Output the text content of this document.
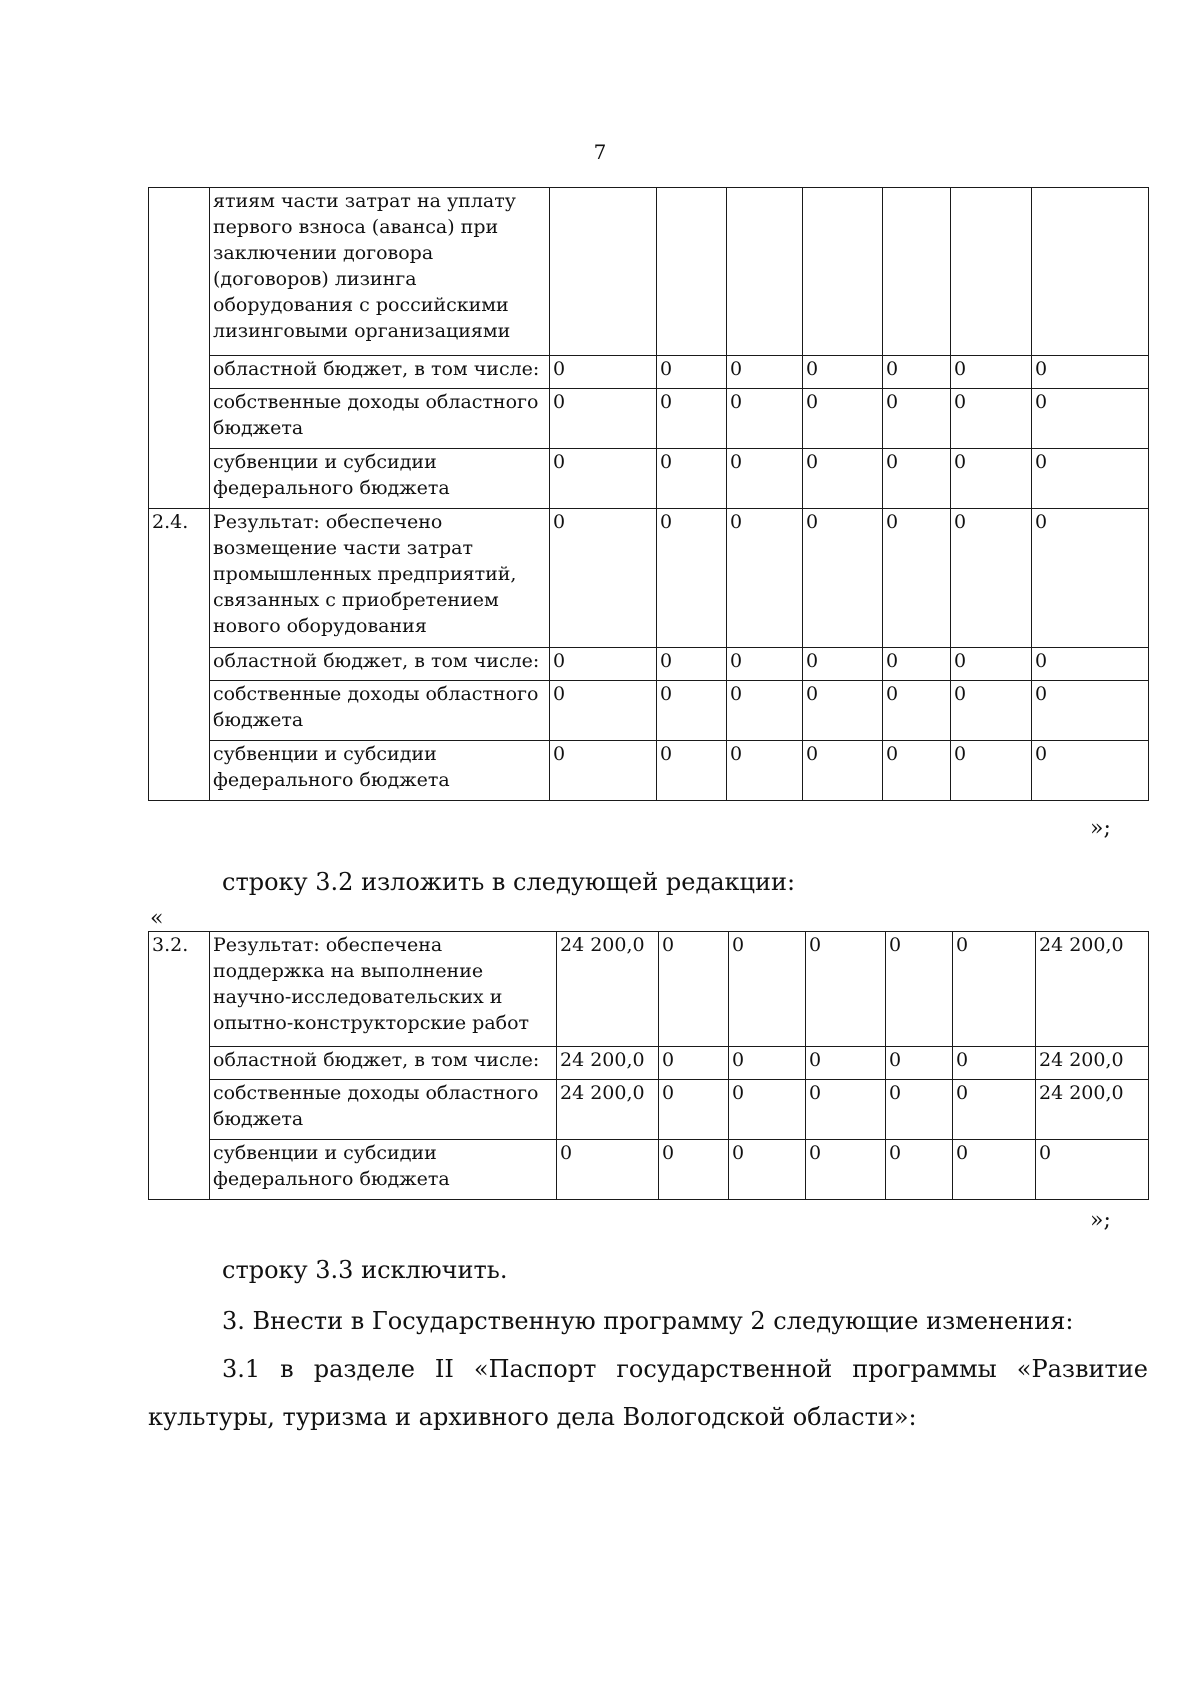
7
	ятиям части затрат на уплату первого взноса (аванса) при заключении договора (договоров) лизинга оборудования с российскими лизинговыми организациями							
	областной бюджет, в том числе:	0	0	0	0	0	0	0
	собственные доходы областного бюджета	0	0	0	0	0	0	0
	субвенции и субсидии федерального бюджета	0	0	0	0	0	0	0
2.4.	Результат: обеспечено возмещение части затрат промышленных предприятий, связанных с приобретением нового оборудования	0	0	0	0	0	0	0
	областной бюджет, в том числе:	0	0	0	0	0	0	0
	собственные доходы областного бюджета	0	0	0	0	0	0	0
	субвенции и субсидии федерального бюджета	0	0	0	0	0	0	0
»;
строку 3.2 изложить в следующей редакции:
«
3.2.	Результат: обеспечена поддержка на выполнение научно-исследовательских и опытно-конструкторские работ	24 200,0	0	0	0	0	0	24 200,0
	областной бюджет, в том числе:	24 200,0	0	0	0	0	0	24 200,0
	собственные доходы областного бюджета	24 200,0	0	0	0	0	0	24 200,0
	субвенции и субсидии федерального бюджета	0	0	0	0	0	0	0
»;
строку 3.3 исключить.
3. Внести в Государственную программу 2 следующие изменения:
3.1 в разделе II «Паспорт государственной программы «Развитие культуры, туризма и архивного дела Вологодской области»:
